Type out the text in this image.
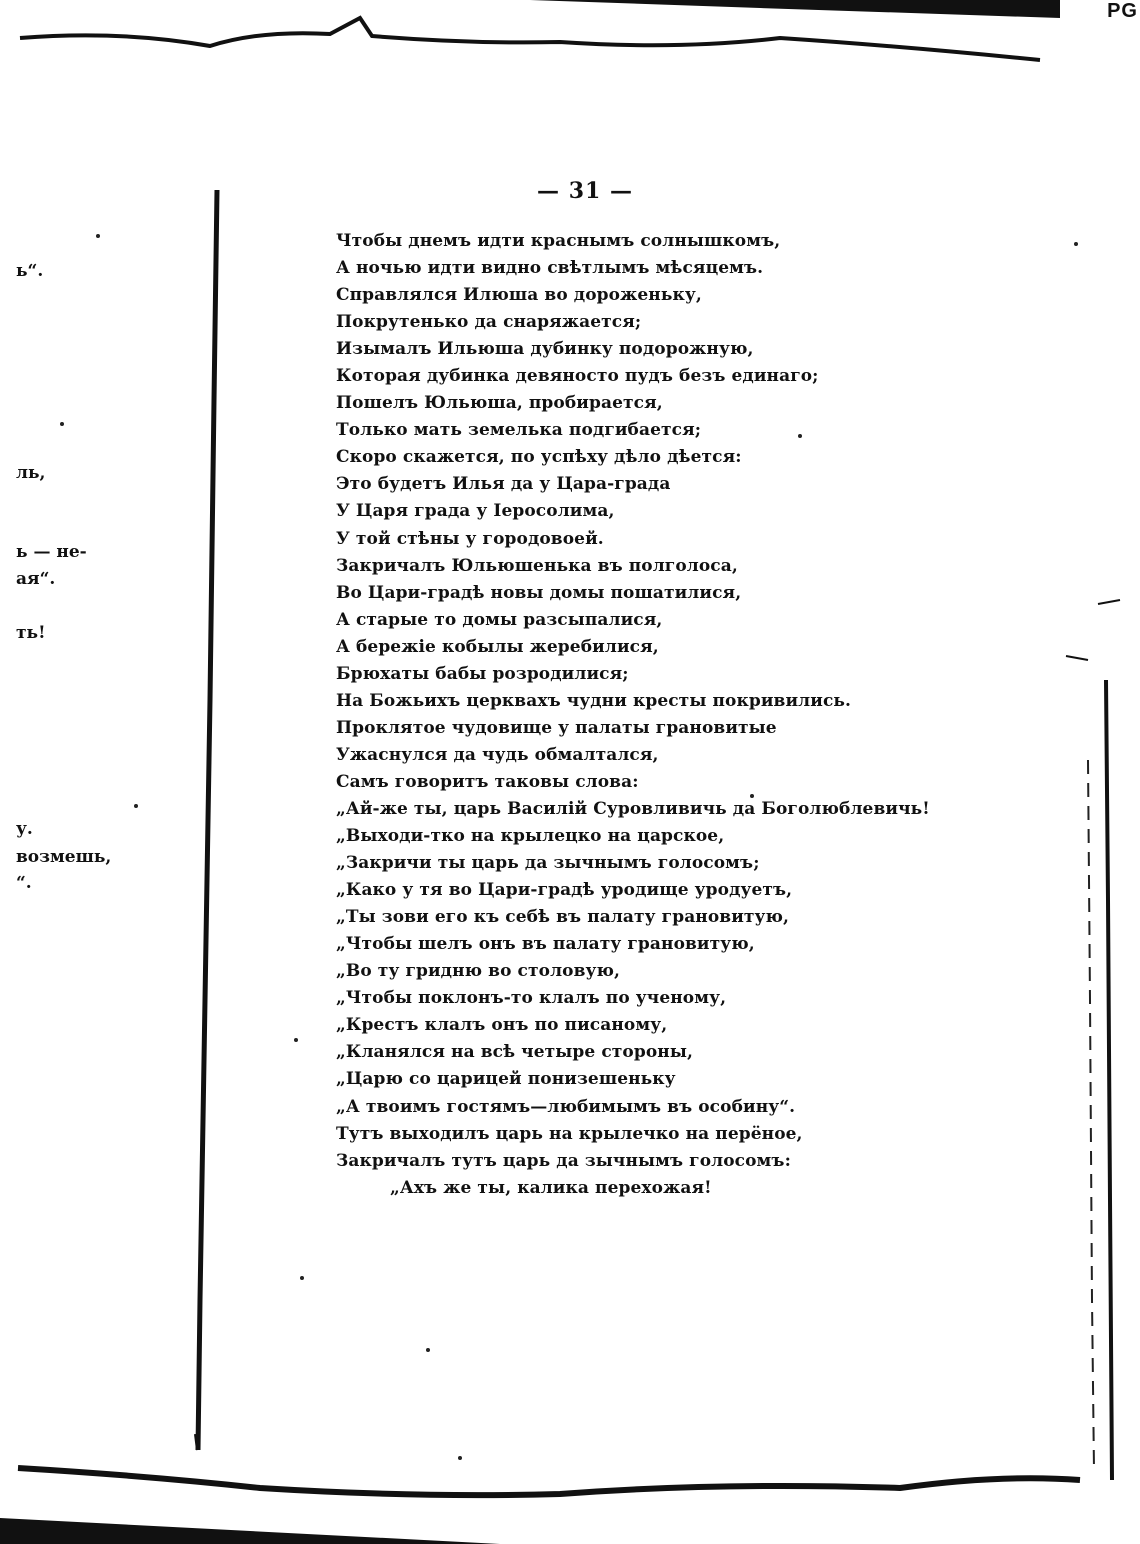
PG
— 31 —
ь“.
ль,
ь — не-
ая“.
ть!
у.
возмешь,
“.
Чтобы днемъ идти краснымъ солнышкомъ,
А ночью идти видно свѣтлымъ мѣсяцемъ.
Справлялся Илюша во дороженьку,
Покрутенько да снаряжается;
Изымалъ Ильюша дубинку подорожную,
Которая дубинка девяносто пудъ безъ единаго;
Пошелъ Юльюша, пробираетcя,
Только мать земелька подгибается;
Скоро скажется, по успѣху дѣло дѣется:
Это будетъ Илья да у Цара-града
У Царя града у Іеросолима,
У той стѣны у городовоей.
Закричалъ Юльюшенька въ полголоса,
Во Цари-градѣ новы домы пошатилися,
А старые то домы разсыпалися,
А бережіе кобылы жеребилися,
Брюхаты бабы розродилися;
На Божьихъ церквахъ чудни кресты покривились.
Проклятое чудовище у палаты грановитые
Ужаснулся да чудь обмалтался,
Самъ говоритъ таковы слова:
„Ай-же ты, царь Василій Суровливичь да Боголюблевичь!
„Выходи-тко на крылецко на царское,
„Закричи ты царь да зычнымъ голосомъ;
„Како у тя во Цари-градѣ уродище уродуетъ,
„Ты зови его къ себѣ въ палату грановитую,
„Чтобы шелъ онъ въ палату грановитую,
„Во ту гридню во столовую,
„Чтобы поклонъ-то клалъ по ученому,
„Крестъ клалъ онъ по писаному,
„Кланялся на всѣ четыре стороны,
„Царю со царицей понизешеньку
„А твоимъ гостямъ—любимымъ въ особину“.
Тутъ выходилъ царь на крылечко на перёное,
Закричалъ тутъ царь да зычнымъ голосомъ:
„Ахъ же ты, калика перехожая!
